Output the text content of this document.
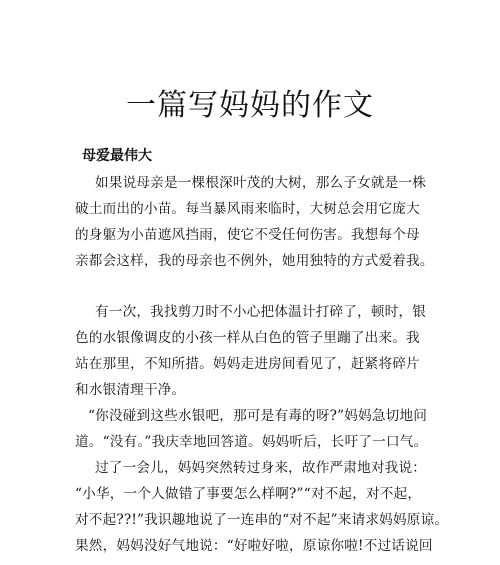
一篇写妈妈的作文
母爱最伟大
如果说母亲是一棵根深叶茂的大树，那么子女就是一株
破土而出的小苗。每当暴风雨来临时，大树总会用它庞大
的身躯为小苗遮风挡雨，使它不受任何伤害。我想每个母
亲都会这样，我的母亲也不例外，她用独特的方式爱着我。
有一次，我找剪刀时不小心把体温计打碎了，顿时，银
色的水银像调皮的小孩一样从白色的管子里蹦了出来。我
站在那里，不知所措。妈妈走进房间看见了，赶紧将碎片
和水银清理干净。
“你没碰到这些水银吧，那可是有毒的呀?”妈妈急切地问
道。“没有。”我庆幸地回答道。妈妈听后，长吁了一口气。
过了一会儿，妈妈突然转过身来，故作严肃地对我说：
“小华，一个人做错了事要怎么样啊?”“对不起，对不起，
对不起??!”我识趣地说了一连串的“对不起”来请求妈妈原谅。
果然，妈妈没好气地说：“好啦好啦，原谅你啦!不过话说回
